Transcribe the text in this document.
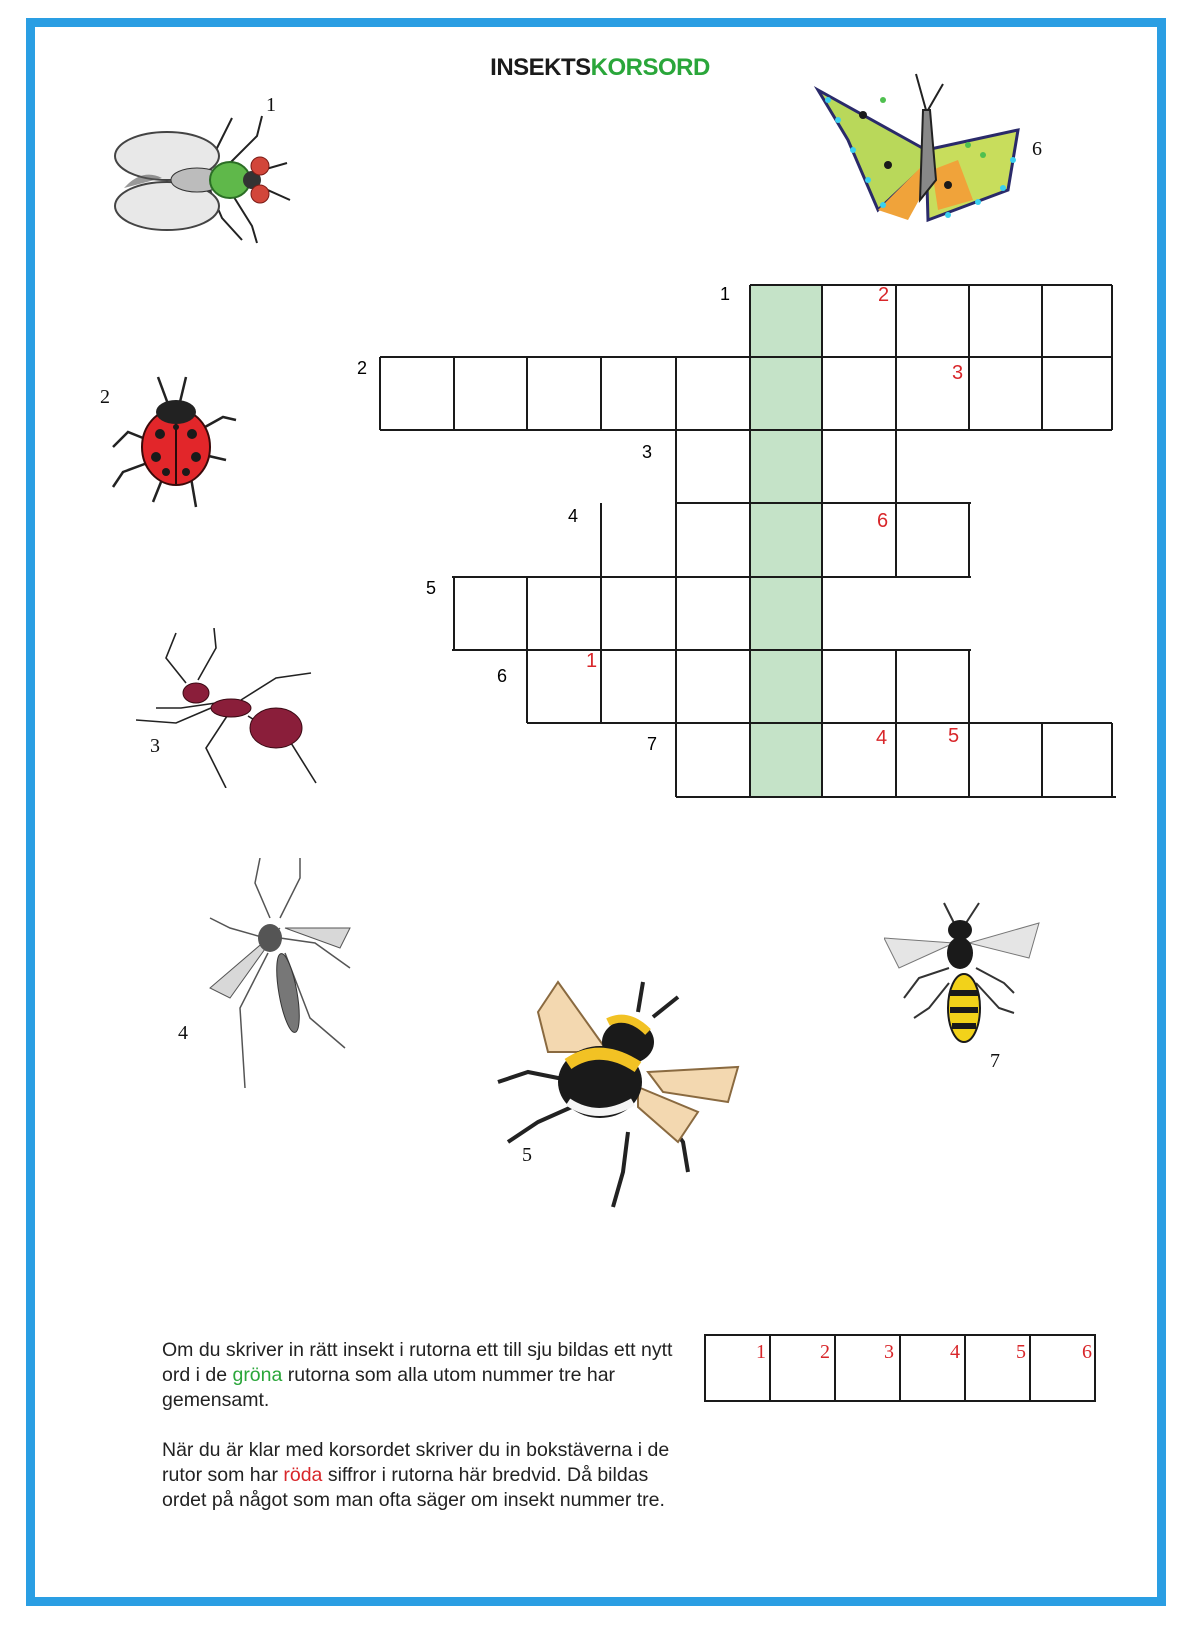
INSEKTSKORSORD
1
6
2
3
4
5
7
1
2
3
4
5
6
7
2
3
6
1
4	5
Om du skriver in rätt insekt i rutorna ett till sju bildas ett nytt ord i de gröna rutorna som alla utom nummer tre har gemensamt.
När du är klar med korsordet skriver du in bokstäverna i de rutor som har röda siffror i rutorna här bredvid. Då bildas ordet på något som man ofta säger om insekt nummer tre.
1	2	3	4	5	6
